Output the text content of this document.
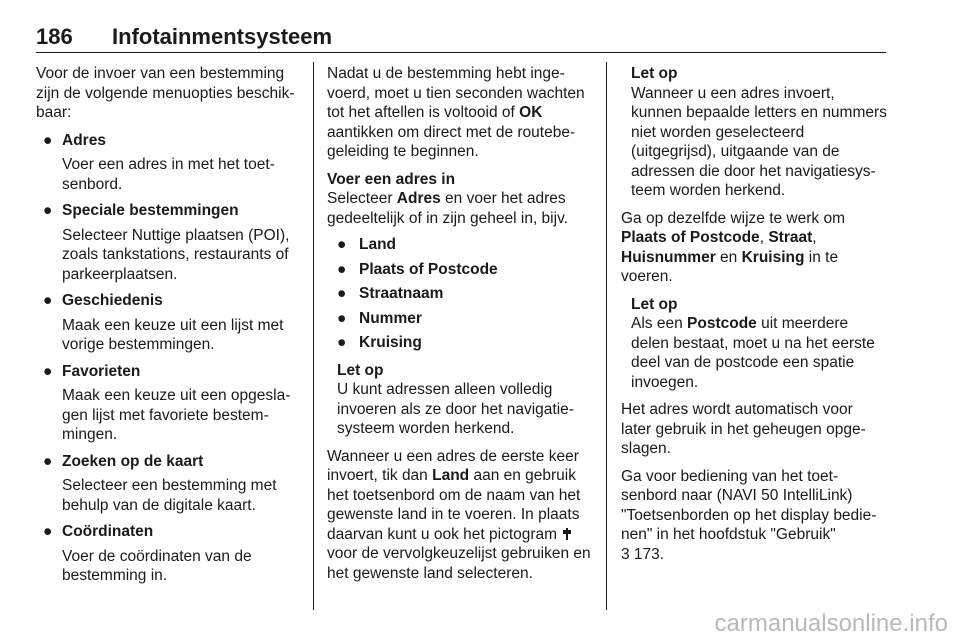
186 Infotainmentsysteem

Voor de invoer van een bestemming zijn de volgende menuopties beschikbaar:

● Adres
Voer een adres in met het toetsenbord.
● Speciale bestemmingen
Selecteer Nuttige plaatsen (POI), zoals tankstations, restaurants of parkeerplaatsen.
● Geschiedenis
Maak een keuze uit een lijst met vorige bestemmingen.
● Favorieten
Maak een keuze uit een opgeslagen lijst met favoriete bestemmingen.
● Zoeken op de kaart
Selecteer een bestemming met behulp van de digitale kaart.
● Coördinaten
Voer de coördinaten van de bestemming in.

Nadat u de bestemming hebt ingevoerd, moet u tien seconden wachten tot het aftellen is voltooid of OK aantikken om direct met de routebegeleiding te beginnen.

Voer een adres in
Selecteer Adres en voer het adres gedeeltelijk of in zijn geheel in, bijv.

● Land
● Plaats of Postcode
● Straatnaam
● Nummer
● Kruising
Let op
U kunt adressen alleen volledig invoeren als ze door het navigatiesysteem worden herkend.

Wanneer u een adres de eerste keer invoert, tik dan Land aan en gebruik het toetsenbord om de naam van het gewenste land in te voeren. In plaats daarvan kunt u ook het pictogram  voor de vervolgkeuzelijst gebruiken en het gewenste land selecteren.

Let op
Wanneer u een adres invoert, kunnen bepaalde letters en nummers niet worden geselecteerd (uitgegrijsd), uitgaande van de adressen die door het navigatiesysteem worden herkend.

Ga op dezelfde wijze te werk om Plaats of Postcode, Straat,
Huisnummer en Kruising in te voeren.

Let op
Als een Postcode uit meerdere delen bestaat, moet u na het eerste deel van de postcode een spatie invoegen.

Het adres wordt automatisch voor later gebruik in het geheugen opgeslagen.

Ga voor bediening van het toetsenbord naar (NAVI 50 IntelliLink) "Toetsenborden op het display bedienen" in het hoofdstuk "Gebruik"
3 173.

carmanualsonline.info
